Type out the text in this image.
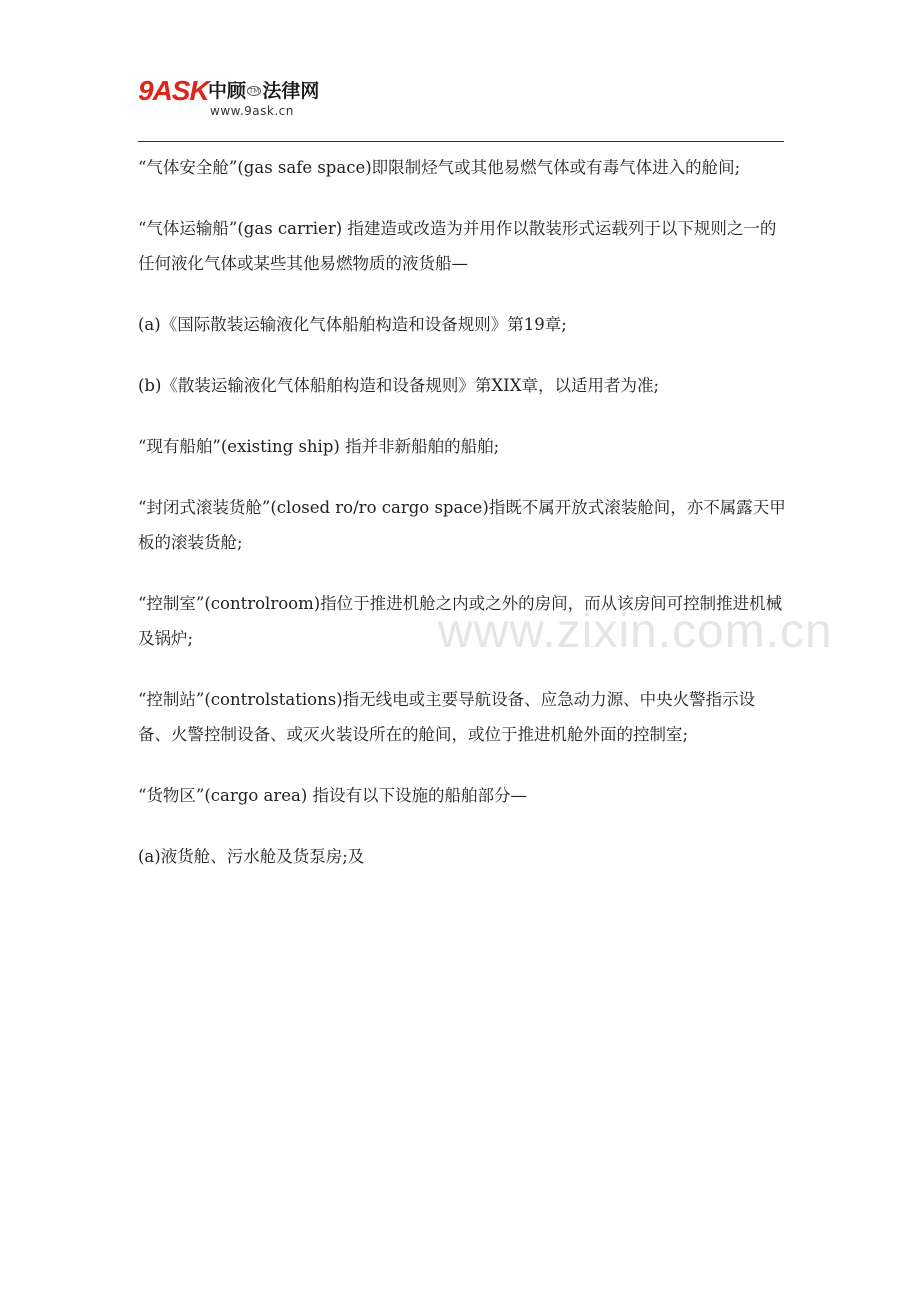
9ASK 中顾 ™ 法律网
www.9ask.cn

“气体安全舱”(gas safe space)即限制烃气或其他易燃气体或有毒气体进入的舱间;

“气体运输船”(gas carrier) 指建造或改造为并用作以散装形式运载列于以下规则之一的任何液化气体或某些其他易燃物质的液货船—

(a)《国际散装运输液化气体船舶构造和设备规则》第19章;

(b)《散装运输液化气体船舶构造和设备规则》第XIX章，以适用者为准;

“现有船舶”(existing ship) 指并非新船舶的船舶;

“封闭式滚装货舱”(closed ro/ro cargo space)指既不属开放式滚装舱间，亦不属露天甲板的滚装货舱;

“控制室”(controlroom)指位于推进机舱之内或之外的房间，而从该房间可控制推进机械及锅炉;

“控制站”(controlstations)指无线电或主要导航设备、应急动力源、中央火警指示设备、火警控制设备、或灭火装设所在的舱间，或位于推进机舱外面的控制室;

“货物区”(cargo area) 指设有以下设施的船舶部分—

(a)液货舱、污水舱及货泵房;及

www.zixin.com.cn
